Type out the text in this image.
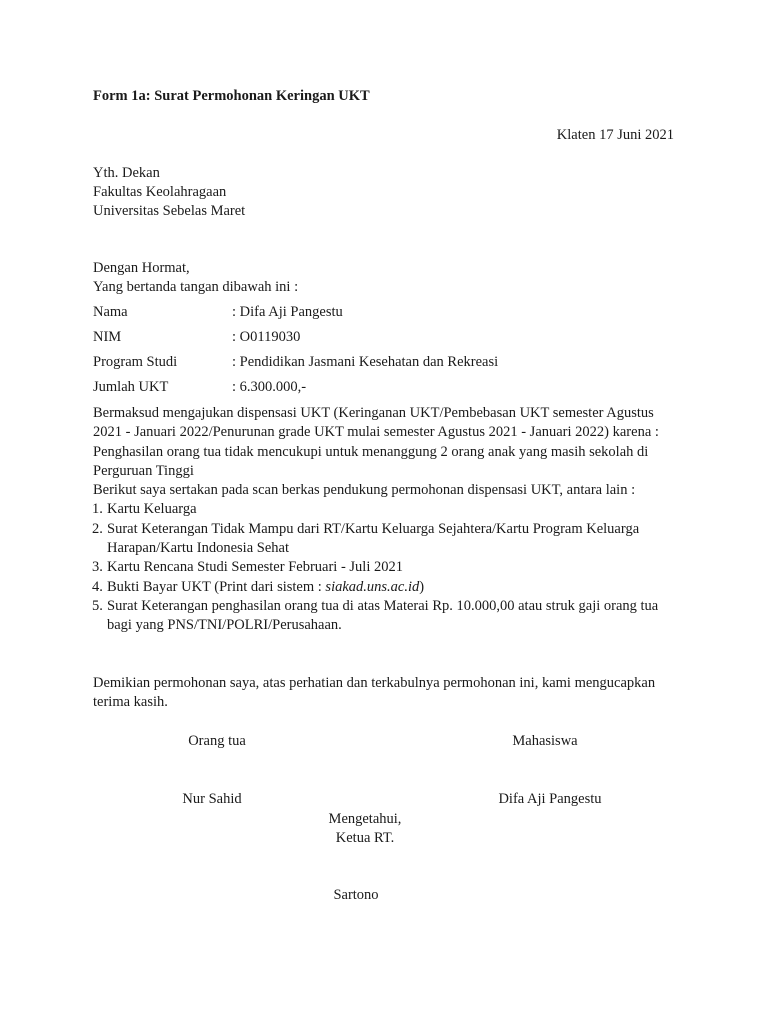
Form 1a: Surat Permohonan Keringan UKT
Klaten 17 Juni 2021
Yth. Dekan
Fakultas Keolahragaan
Universitas Sebelas Maret
Dengan Hormat,
Yang bertanda tangan dibawah ini :
Nama	: Difa Aji Pangestu
NIM	: O0119030
Program Studi	: Pendidikan Jasmani Kesehatan dan Rekreasi
Jumlah UKT	: 6.300.000,-

Bermaksud mengajukan dispensasi UKT (Keringanan UKT/Pembebasan UKT semester Agustus 2021 - Januari 2022/Penurunan grade UKT mulai semester Agustus 2021 - Januari 2022) karena :

Penghasilan orang tua tidak mencukupi untuk menanggung 2 orang anak yang masih sekolah di Perguruan Tinggi

Berikut saya sertakan pada scan berkas pendukung permohonan dispensasi UKT, antara lain :

1. Kartu Keluarga
2. Surat Keterangan Tidak Mampu dari RT/Kartu Keluarga Sejahtera/Kartu Program Keluarga Harapan/Kartu Indonesia Sehat
3. Kartu Rencana Studi Semester Februari - Juli 2021
4. Bukti Bayar UKT (Print dari sistem : siakad.uns.ac.id)
5. Surat Keterangan penghasilan orang tua di atas Materai Rp. 10.000,00 atau struk gaji orang tua bagi yang PNS/TNI/POLRI/Perusahaan.
Demikian permohonan saya, atas perhatian dan terkabulnya permohonan ini, kami mengucapkan terima kasih.
Orang tua	Mahasiswa
Nur Sahid	Difa Aji Pangestu
Mengetahui,
Ketua RT.
Sartono
